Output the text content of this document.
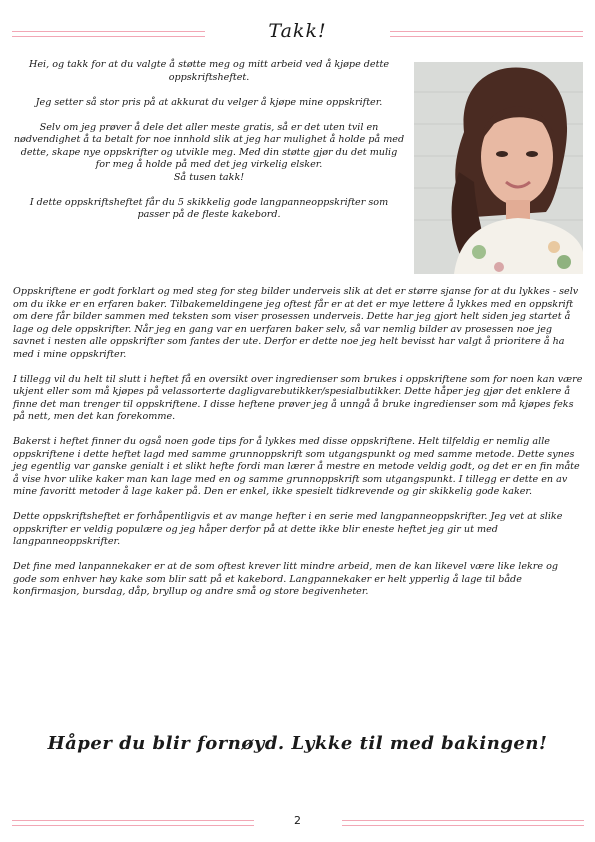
Takk!

Hei, og takk for at du valgte å støtte meg og mitt arbeid ved å kjøpe dette oppskriftsheftet.

Jeg setter så stor pris på at akkurat du velger å kjøpe mine oppskrifter.

Selv om jeg prøver å dele det aller meste gratis, så er det uten tvil en nødvendighet å ta betalt for noe innhold slik at jeg har mulighet å holde på med dette, skape nye oppskrifter og utvikle meg. Med din støtte gjør du det mulig for meg å holde på med det jeg virkelig elsker.

Så tusen takk!

I dette oppskriftsheftet får du 5 skikkelig gode langpanneoppskrifter som passer på de fleste kakebord.

Oppskriftene er godt forklart og med steg for steg bilder underveis slik at det er større sjanse for at du lykkes - selv om du ikke er en erfaren baker. Tilbakemeldingene jeg oftest får er at det er mye lettere å lykkes med en oppskrift om dere får bilder sammen med teksten som viser prosessen underveis. Dette har jeg gjort helt siden jeg startet å lage og dele oppskrifter. Når jeg en gang var en uerfaren baker selv, så var nemlig bilder av prosessen noe jeg savnet i nesten alle oppskrifter som fantes der ute. Derfor er dette noe jeg helt bevisst har valgt å prioritere å ha med i mine oppskrifter.

I tillegg vil du helt til slutt i heftet få en oversikt over ingredienser som brukes i oppskriftene som for noen kan være ukjent eller som må kjøpes på velassorterte dagligvarebutikker/spesialbutikker. Dette håper jeg gjør det enklere å finne det man trenger til oppskriftene. I disse heftene prøver jeg å unngå å bruke ingredienser som må kjøpes feks på nett, men det kan forekomme.

Bakerst i heftet finner du også noen gode tips for å lykkes med disse oppskriftene. Helt tilfeldig er nemlig alle oppskriftene i dette heftet lagd med samme grunnoppskrift som utgangspunkt og med samme metode. Dette synes jeg egentlig var ganske genialt i et slikt hefte fordi man lærer å mestre en metode veldig godt, og det er en fin måte å vise hvor ulike kaker man kan lage med en og samme grunnoppskrift som utgangspunkt. I tillegg er dette en av mine favoritt metoder å lage kaker på. Den er enkel, ikke spesielt tidkrevende og gir skikkelig gode kaker.

Dette oppskriftsheftet er forhåpentligvis et av mange hefter i en serie med langpanneoppskrifter. Jeg vet at slike oppskrifter er veldig populære og jeg håper derfor på at dette ikke blir eneste heftet jeg gir ut med langpanneoppskrifter.

Det fine med lanpannekaker er at de som oftest krever litt mindre arbeid, men de kan likevel være like lekre og gode som enhver høy kake som blir satt på et kakebord. Langpannekaker er helt ypperlig å lage til både konfirmasjon, bursdag, dåp, bryllup og andre små og store begivenheter.

Håper du blir fornøyd. Lykke til med bakingen!
2
